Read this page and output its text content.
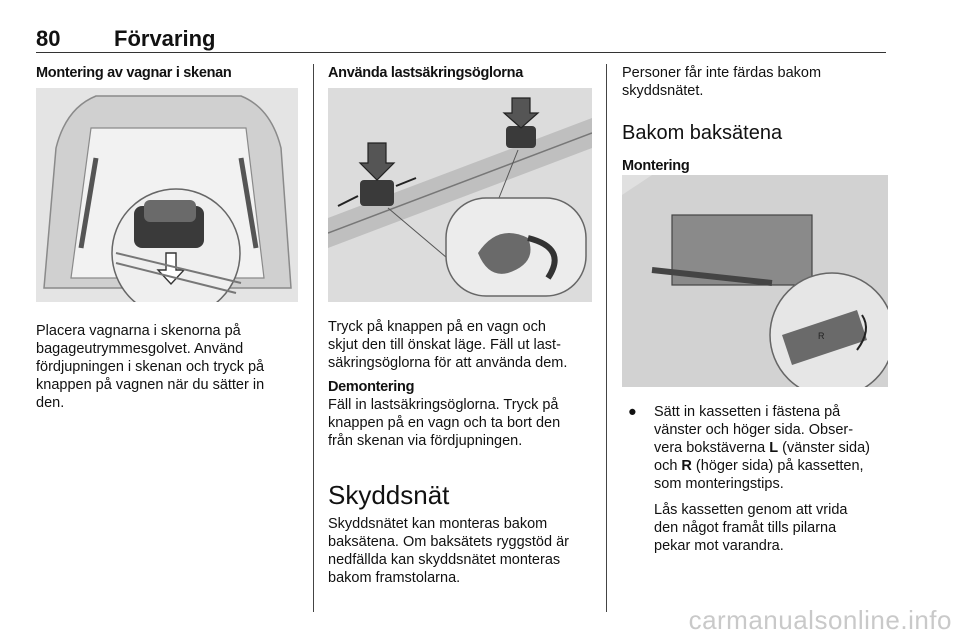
80 Förvaring
Montering av vagnar i skenan

Placera vagnarna i skenorna på
bagageutrymmesgolvet. Använd
fördjupningen i skenan och tryck på
knappen på vagnen när du sätter in
den.

Använda lastsäkringsöglorna

Tryck på knappen på en vagn och
skjut den till önskat läge. Fäll ut last-
säkringsöglorna för att använda dem.

Demontering

Fäll in lastsäkringsöglorna. Tryck på
knappen på en vagn och ta bort den
från skenan via fördjupningen.

Skyddsnät

Skyddsnätet kan monteras bakom
baksätena. Om baksätets ryggstöd är
nedfällda kan skyddsnätet monteras
bakom framstolarna.

Personer får inte färdas bakom
skyddsnätet.

Bakom baksätena
Montering
R
● Sätt in kassetten i fästena på
vänster och höger sida. Obser-
vera bokstäverna L (vänster sida)
och R (höger sida) på kassetten,
som monteringstips.
Lås kassetten genom att vrida
den något framåt tills pilarna
pekar mot varandra.
carmanualsonline.info
